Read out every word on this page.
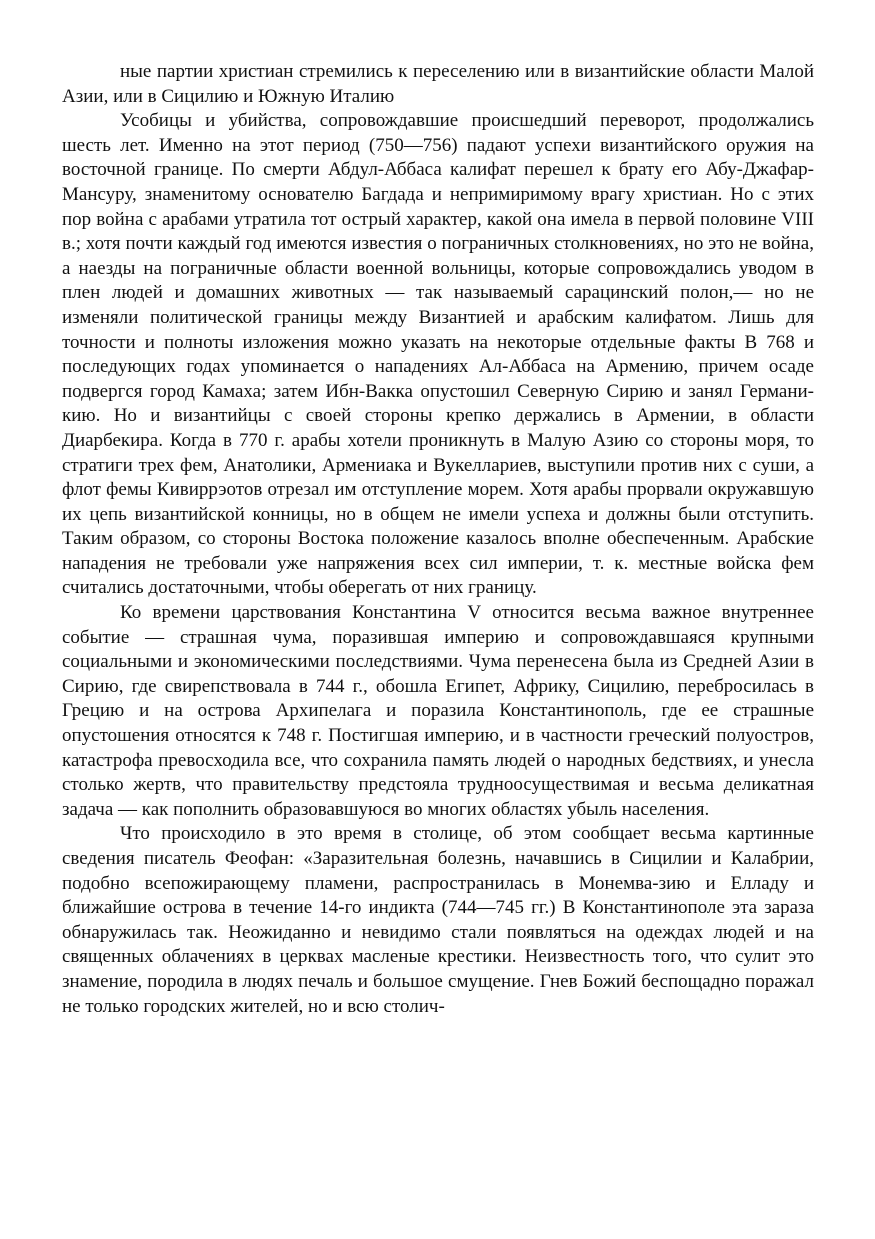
ные партии христиан стремились к переселению или в византийские области Малой Азии, или в Сицилию и Южную Италию

Усобицы и убийства, сопровождавшие происшедший переворот, продолжались шесть лет. Именно на этот период (750—756) падают успехи византийского оружия на восточной границе. По смерти Абдул-Аббаса калифат перешел к брату его Абу-Джафар-Мансуру, знаменитому основателю Багдада и непримиримому врагу христиан. Но с этих пор война с арабами утратила тот острый характер, какой она имела в первой половине VIII в.; хотя почти каждый год имеются известия о пограничных столкновениях, но это не война, а наезды на пограничные области военной вольницы, которые сопровождались уводом в плен людей и домашних животных — так называемый сарацинский полон,— но не изменяли политической границы между Византией и арабским калифатом. Лишь для точности и полноты изложения можно указать на некоторые отдельные факты В 768 и последующих годах упоминается о нападениях Ал-Аббаса на Армению, причем осаде подвергся город Камаха; затем Ибн-Вакка опустошил Северную Сирию и занял Германи-кию. Но и византийцы с своей стороны крепко держались в Армении, в области Диарбекира. Когда в 770 г. арабы хотели проникнуть в Малую Азию со стороны моря, то стратиги трех фем, Анатолики, Армениака и Вукеллариев, выступили против них с суши, а флот фемы Кивиррэотов отрезал им отступление морем. Хотя арабы прорвали окружавшую их цепь византийской конницы, но в общем не имели успеха и должны были отступить. Таким образом, со стороны Востока положение казалось вполне обеспеченным. Арабские нападения не требовали уже напряжения всех сил империи, т. к. местные войска фем считались достаточными, чтобы оберегать от них границу.

Ко времени царствования Константина V относится весьма важное внутреннее событие — страшная чума, поразившая империю и сопровождавшаяся крупными социальными и экономическими последствиями. Чума перенесена была из Средней Азии в Сирию, где свирепствовала в 744 г., обошла Египет, Африку, Сицилию, перебросилась в Грецию и на острова Архипелага и поразила Константинополь, где ее страшные опустошения относятся к 748 г. Постигшая империю, и в частности греческий полуостров, катастрофа превосходила все, что сохранила память людей о народных бедствиях, и унесла столько жертв, что правительству предстояла трудноосуществимая и весьма деликатная задача — как пополнить образовавшуюся во многих областях убыль населения.

Что происходило в это время в столице, об этом сообщает весьма картинные сведения писатель Феофан: «Заразительная болезнь, начавшись в Сицилии и Калабрии, подобно всепожирающему пламени, распространилась в Монемва-зию и Елладу и ближайшие острова в течение 14-го индикта (744—745 гг.) В Константинополе эта зараза обнаружилась так. Неожиданно и невидимо стали появляться на одеждах людей и на священных облачениях в церквах масленые крестики. Неизвестность того, что сулит это знамение, породила в людях печаль и большое смущение. Гнев Божий беспощадно поражал не только городских жителей, но и всю столич-
